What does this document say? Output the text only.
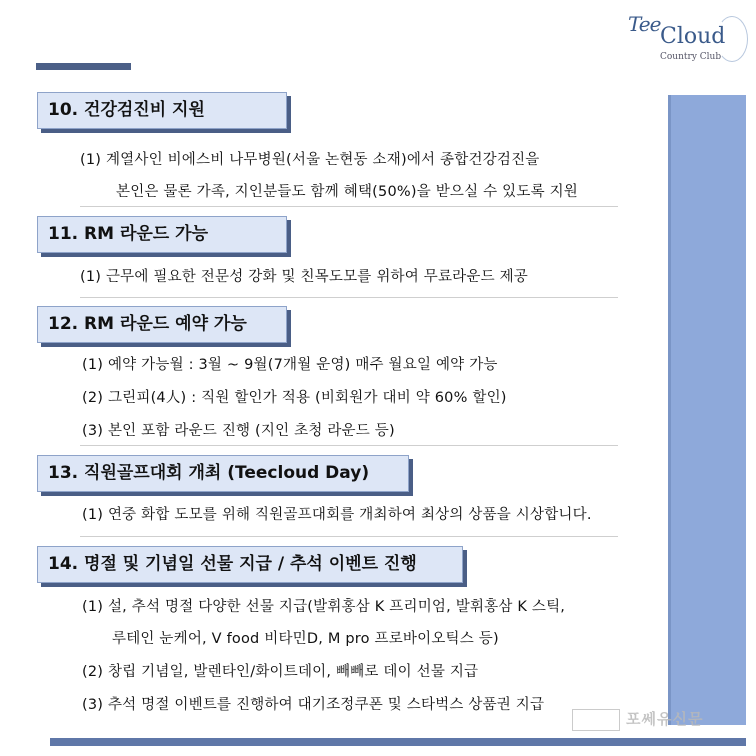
Tee Cloud
Country Club
10. 건강검진비 지원
(1) 계열사인 비에스비 나무병원(서울 논현동 소재)에서 종합건강검진을
본인은 물론 가족, 지인분들도 함께 혜택(50%)을 받으실 수 있도록 지원
11. RM 라운드 가능
(1) 근무에 필요한 전문성 강화 및 친목도모를 위하여 무료라운드 제공
12. RM 라운드 예약 가능
(1) 예약 가능월 : 3월 ~ 9월(7개월 운영) 매주 월요일 예약 가능
(2) 그린피(4人) : 직원 할인가 적용 (비회원가 대비 약 60% 할인)
(3) 본인 포함 라운드 진행 (지인 초청 라운드 등)
13. 직원골프대회 개최 (Teecloud Day)
(1) 연중 화합 도모를 위해 직원골프대회를 개최하여 최상의 상품을 시상합니다.
14. 명절 및 기념일 선물 지급 / 추석 이벤트 진행
(1) 설, 추석 명절 다양한 선물 지급(발휘홍삼 K 프리미엄, 발휘홍삼 K 스틱,
루테인 눈케어, V food 비타민D, M pro 프로바이오틱스 등)
(2) 창립 기념일, 발렌타인/화이트데이, 빼빼로 데이 선물 지급
(3) 추석 명절 이벤트를 진행하여 대기조정쿠폰 및 스타벅스 상품권 지급
포쎄유신문
